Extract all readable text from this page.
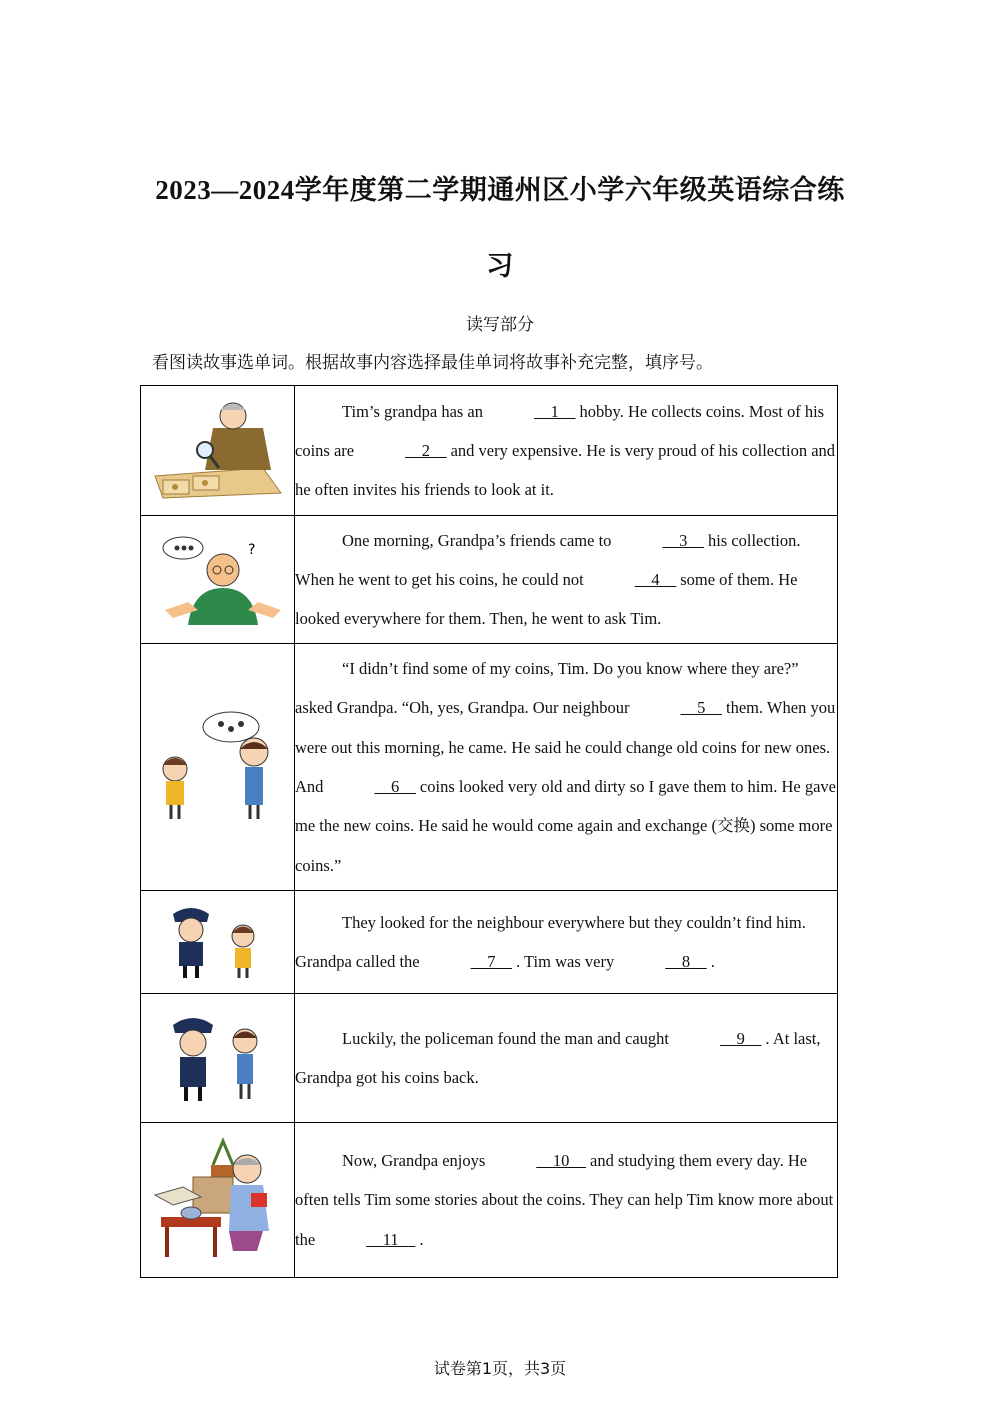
2023—2024学年度第二学期通州区小学六年级英语综合练
习
读写部分
看图读故事选单词。根据故事内容选择最佳单词将故事补充完整，填序号。

Tim’s grandpa has an __1__ hobby. He collects coins. Most of his coins are __2__ and very expensive. He is very proud of his collection and he often invites his friends to look at it.

?	One morning, Grandpa’s friends came to __3__ his collection. When he went to get his coins, he could not __4__ some of them. He looked everywhere for them. Then, he went to ask Tim.

“I didn’t find some of my coins, Tim. Do you know where they are?” asked Grandpa. “Oh, yes, Grandpa. Our neighbour __5__ them. When you were out this morning, he came. He said he could change old coins for new ones. And __6__ coins looked very old and dirty so I gave them to him. He gave me the new coins. He said he would come again and exchange (交换) some more coins.”

They looked for the neighbour everywhere but they couldn’t find him. Grandpa called the __7__ . Tim was very __8__ .

Luckily, the policeman found the man and caught __9__ . At last, Grandpa got his coins back.

Now, Grandpa enjoys __10__ and studying them every day. He often tells Tim some stories about the coins. They can help Tim know more about the __11__ .

试卷第1页，共3页
